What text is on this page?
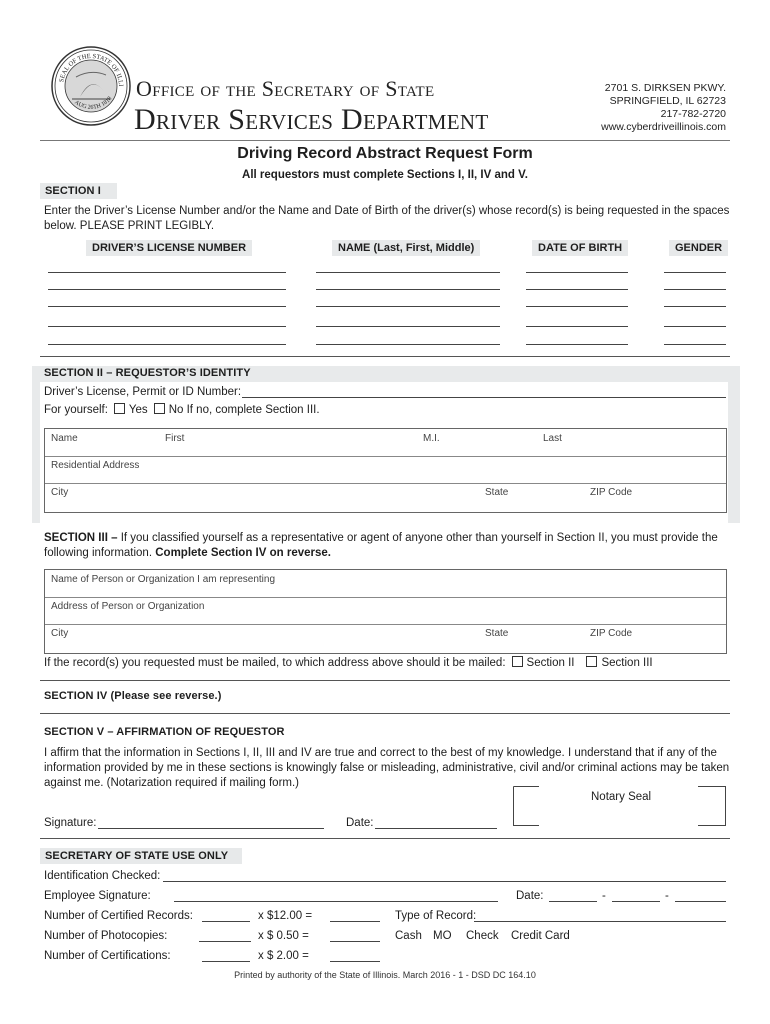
SEAL OF THE STATE OF ILLI
AUG 26TH 1818 Office of the Secretary of State
Driver Services Department
2701 S. DIRKSEN PKWY.
SPRINGFIELD, IL 62723
217-782-2720
www.cyberdriveillinois.com
Driving Record Abstract Request Form
All requestors must complete Sections I, II, IV and V.
SECTION I
Enter the Driver’s License Number and/or the Name and Date of Birth of the driver(s) whose record(s) is being requested in the spaces below. PLEASE PRINT LEGIBLY.
DRIVER’S LICENSE NUMBER	NAME (Last, First, Middle)	DATE OF BIRTH	GENDER
SECTION II – REQUESTOR’S IDENTITY
Driver’s License, Permit or ID Number:
For yourself: Yes No If no, complete Section III.
Name	First	M.I.	Last
Residential Address
City	State	ZIP Code
SECTION III – If you classified yourself as a representative or agent of anyone other than yourself in Section II, you must provide the following information. Complete Section IV on reverse.
Name of Person or Organization I am representing
Address of Person or Organization
City	State	ZIP Code
If the record(s) you requested must be mailed, to which address above should it be mailed: Section II Section III
SECTION IV (Please see reverse.)
SECTION V – AFFIRMATION OF REQUESTOR
I affirm that the information in Sections I, II, III and IV are true and correct to the best of my knowledge. I understand that if any of the information provided by me in these sections is knowingly false or misleading, administrative, civil and/or criminal actions may be taken against me. (Notarization required if mailing form.)
Notary Seal
Signature:	Date:
SECRETARY OF STATE USE ONLY
Identification Checked:
Employee Signature:	Date:	-	-
Number of Certified Records:	x $12.00 =	Type of Record:
Number of Photocopies:	x $ 0.50 =	Cash MO Check Credit Card
Number of Certifications:	x $ 2.00 =
Printed by authority of the State of Illinois. March 2016 - 1 - DSD DC 164.10
